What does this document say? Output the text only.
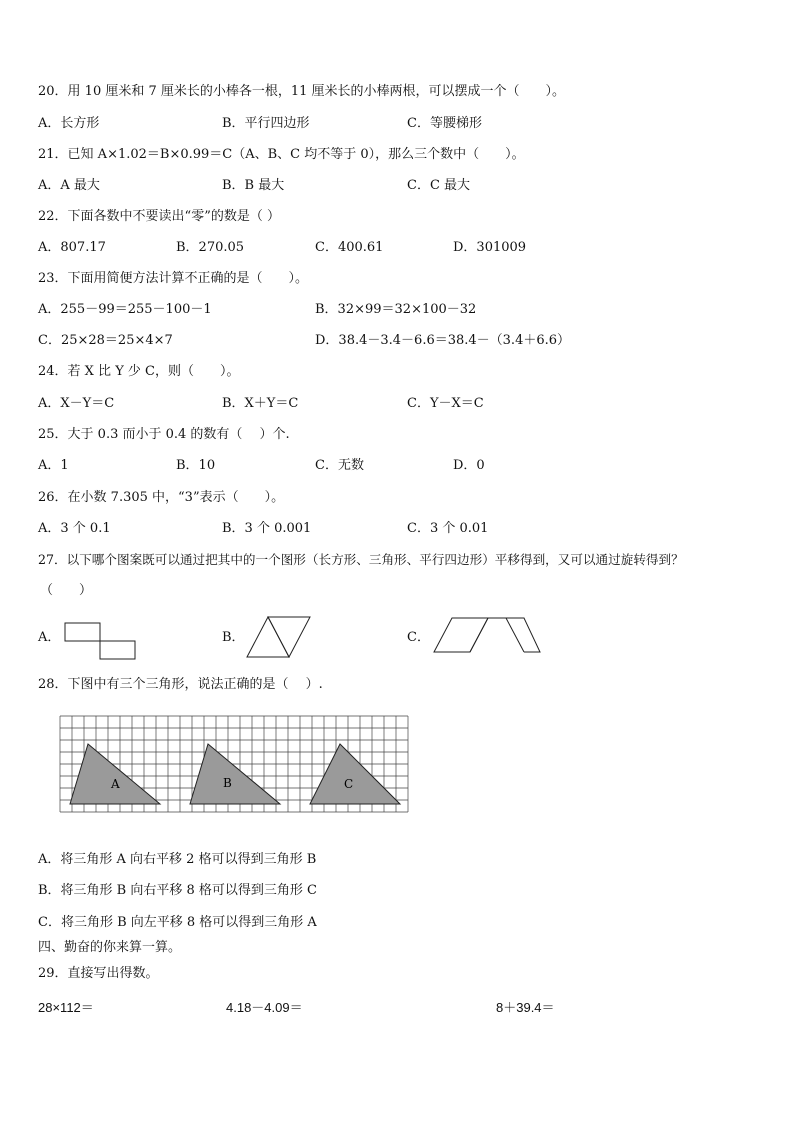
20．用 10 厘米和 7 厘米长的小棒各一根，11 厘米长的小棒两根，可以摆成一个（　　）。
A．长方形	B．平行四边形	C．等腰梯形
21．已知 A×1.02＝B×0.99＝C（A、B、C 均不等于 0），那么三个数中（　　）。
A．A 最大	B．B 最大	C．C 最大
22．下面各数中不要读出“零”的数是（ ）
A．807.17	B．270.05	C．400.61	D．301009
23．下面用简便方法计算不正确的是（　　）。
A．255－99＝255－100－1	B．32×99＝32×100－32
C．25×28＝25×4×7	D．38.4－3.4－6.6＝38.4－（3.4＋6.6）
24．若 X 比 Y 少 C，则（　　）。
A．X－Y＝C	B．X＋Y＝C	C．Y－X＝C
25．大于 0.3 而小于 0.4 的数有（　 ）个.
A．1	B．10	C．无数	D．0
26．在小数 7.305 中，“3”表示（　　）。
A．3 个 0.1	B．3 个 0.001	C．3 个 0.01
27．以下哪个图案既可以通过把其中的一个图形（长方形、三角形、平行四边形）平移得到，又可以通过旋转得到？
（　　）
A．	B．	C．
28．下图中有三个三角形，说法正确的是（　 ）.
A	B	C
A．将三角形 A 向右平移 2 格可以得到三角形 B
B．将三角形 B 向右平移 8 格可以得到三角形 C
C．将三角形 B 向左平移 8 格可以得到三角形 A
四、勤奋的你来算一算。
29．直接写出得数。
28×112＝	4.18－4.09＝	8＋39.4＝
